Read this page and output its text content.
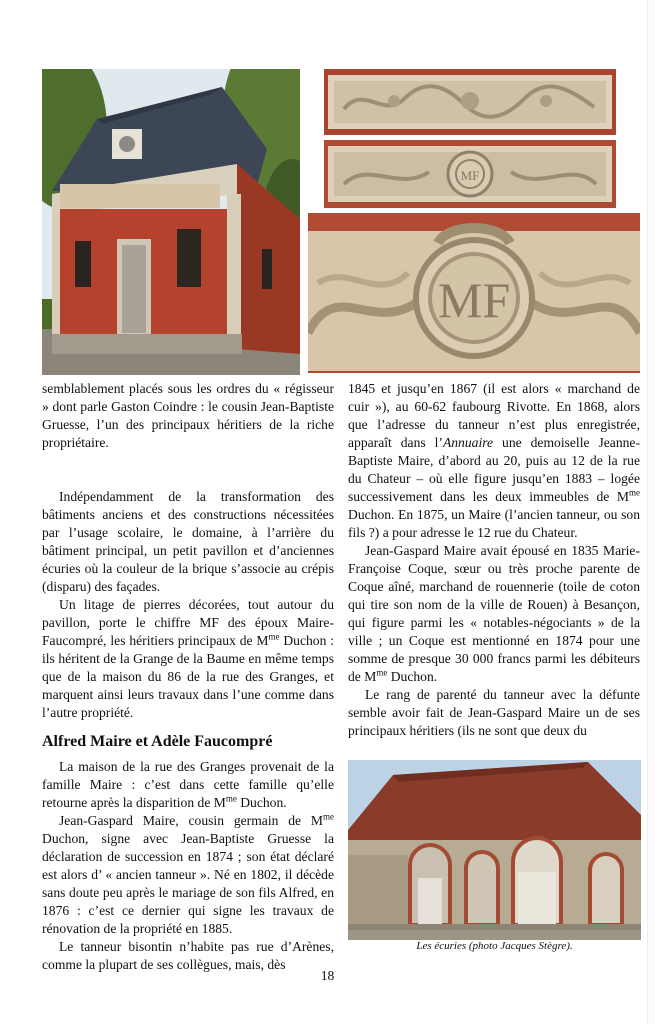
MF
MF

semblablement placés sous les ordres du « régisseur » dont parle Gaston Coindre : le cousin Jean-Baptiste Gruesse, l’un des principaux héritiers de la riche propriétaire.

Indépendamment de la transformation des bâtiments anciens et des constructions nécessitées par l’usage scolaire, le domaine, à l’arrière du bâtiment principal, un petit pavillon et d’anciennes écuries où la couleur de la brique s’associe au crépis (disparu) des façades.

Un litage de pierres décorées, tout autour du pavillon, porte le chiffre MF des époux Maire-Faucompré, les héritiers principaux de $M^{me}$ Duchon : ils héritent de la Grange de la Baume en même temps que de la maison du 86 de la rue des Granges, et marquent ainsi leurs travaux dans l’une comme dans l’autre propriété.

Alfred Maire et Adèle Faucompré

La maison de la rue des Granges provenait de la famille Maire : c’est dans cette famille qu’elle retourne après la disparition de $M^{me}$ Duchon.

Jean-Gaspard Maire, cousin germain de $M^{me}$ Duchon, signe avec Jean-Baptiste Gruesse la déclaration de succession en 1874 ; son état déclaré est alors d’ « ancien tanneur ». Né en 1802, il décède sans doute peu après le mariage de son fils Alfred, en 1876 : c’est ce dernier qui signe les travaux de rénovation de la propriété en 1885.

Le tanneur bisontin n’habite pas rue d’Arènes, comme la plupart de ses collègues, mais, dès

1845 et jusqu’en 1867 (il est alors « marchand de cuir »), au 60-62 faubourg Rivotte. En 1868, alors que l’adresse du tanneur n’est plus enregistrée, apparaît dans l’Annuaire une demoiselle Jeanne-Baptiste Maire, d’abord au 20, puis au 12 de la rue du Chateur – où elle figure jusqu’en 1883 – logée successivement dans les deux immeubles de $M^{me}$ Duchon. En 1875, un Maire (l’ancien tanneur, ou son fils ?) a pour adresse le 12 rue du Chateur.

Jean-Gaspard Maire avait épousé en 1835 Marie-Françoise Coque, sœur ou très proche parente de Coque aîné, marchand de rouennerie (toile de coton qui tire son nom de la ville de Rouen) à Besançon, qui figure parmi les « notables-négociants » de la ville ; un Coque est mentionné en 1874 pour une somme de presque 30 000 francs parmi les débiteurs de $M^{me}$ Duchon.

Le rang de parenté du tanneur avec la défunte semble avoir fait de Jean-Gaspard Maire un de ses principaux héritiers (ils ne sont que deux du

Les écuries (photo Jacques Stègre).
18
